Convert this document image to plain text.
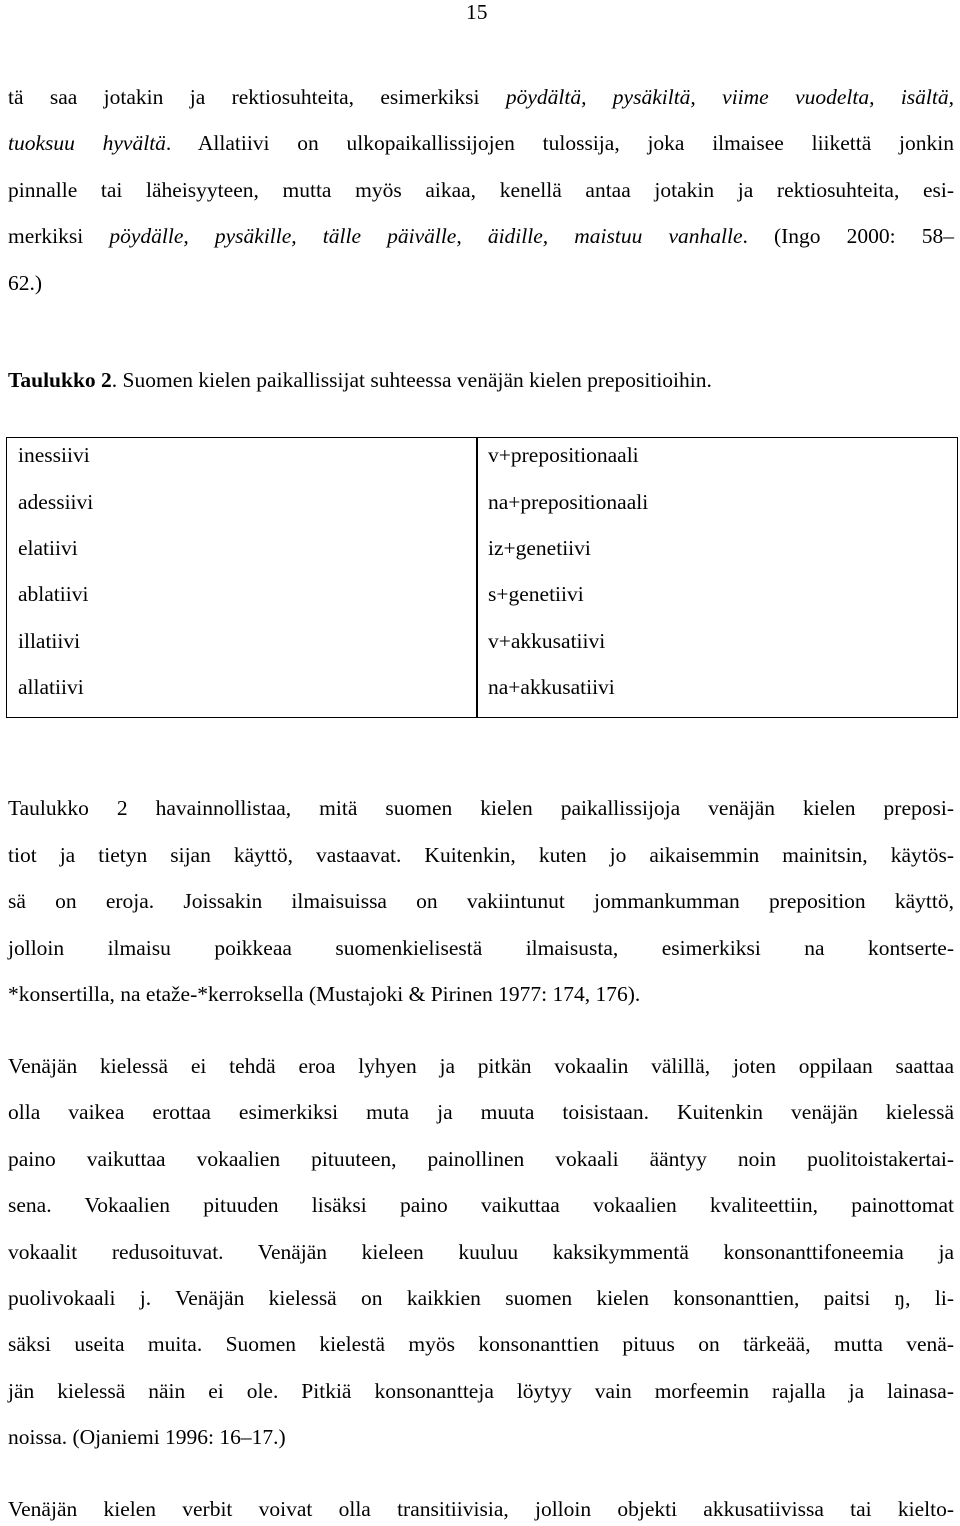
15
tä saa jotakin ja rektiosuhteita, esimerkiksi pöydältä, pysäkiltä, viime vuodelta, isältä,
tuoksuu hyvältä. Allatiivi on ulkopaikallissijojen tulossija, joka ilmaisee liikettä jonkin
pinnalle tai läheisyyteen, mutta myös aikaa, kenellä antaa jotakin ja rektiosuhteita, esi-
merkiksi pöydälle, pysäkille, tälle päivälle, äidille, maistuu vanhalle. (Ingo 2000: 58–
62.)
Taulukko 2. Suomen kielen paikallissijat suhteessa venäjän kielen prepositioihin.
inessiivi
adessiivi
elatiivi
ablatiivi
illatiivi
allatiivi
v+prepositionaali
na+prepositionaali
iz+genetiivi
s+genetiivi
v+akkusatiivi
na+akkusatiivi
Taulukko 2 havainnollistaa, mitä suomen kielen paikallissijoja venäjän kielen preposi-
tiot ja tietyn sijan käyttö, vastaavat. Kuitenkin, kuten jo aikaisemmin mainitsin, käytös-
sä on eroja. Joissakin ilmaisuissa on vakiintunut jommankumman preposition käyttö,
jolloin ilmaisu poikkeaa suomenkielisestä ilmaisusta, esimerkiksi na kontserte-
*konsertilla, na etaže-*kerroksella (Mustajoki & Pirinen 1977: 174, 176).
Venäjän kielessä ei tehdä eroa lyhyen ja pitkän vokaalin välillä, joten oppilaan saattaa
olla vaikea erottaa esimerkiksi muta ja muuta toisistaan. Kuitenkin venäjän kielessä
paino vaikuttaa vokaalien pituuteen, painollinen vokaali ääntyy noin puolitoistakertai-
sena. Vokaalien pituuden lisäksi paino vaikuttaa vokaalien kvaliteettiin, painottomat
vokaalit redusoituvat. Venäjän kieleen kuuluu kaksikymmentä konsonanttifoneemia ja
puolivokaali j. Venäjän kielessä on kaikkien suomen kielen konsonanttien, paitsi ŋ, li-
säksi useita muita. Suomen kielestä myös konsonanttien pituus on tärkeää, mutta venä-
jän kielessä näin ei ole. Pitkiä konsonantteja löytyy vain morfeemin rajalla ja lainasa-
noissa. (Ojaniemi 1996: 16–17.)
Venäjän kielen verbit voivat olla transitiivisia, jolloin objekti akkusatiivissa tai kielto-
